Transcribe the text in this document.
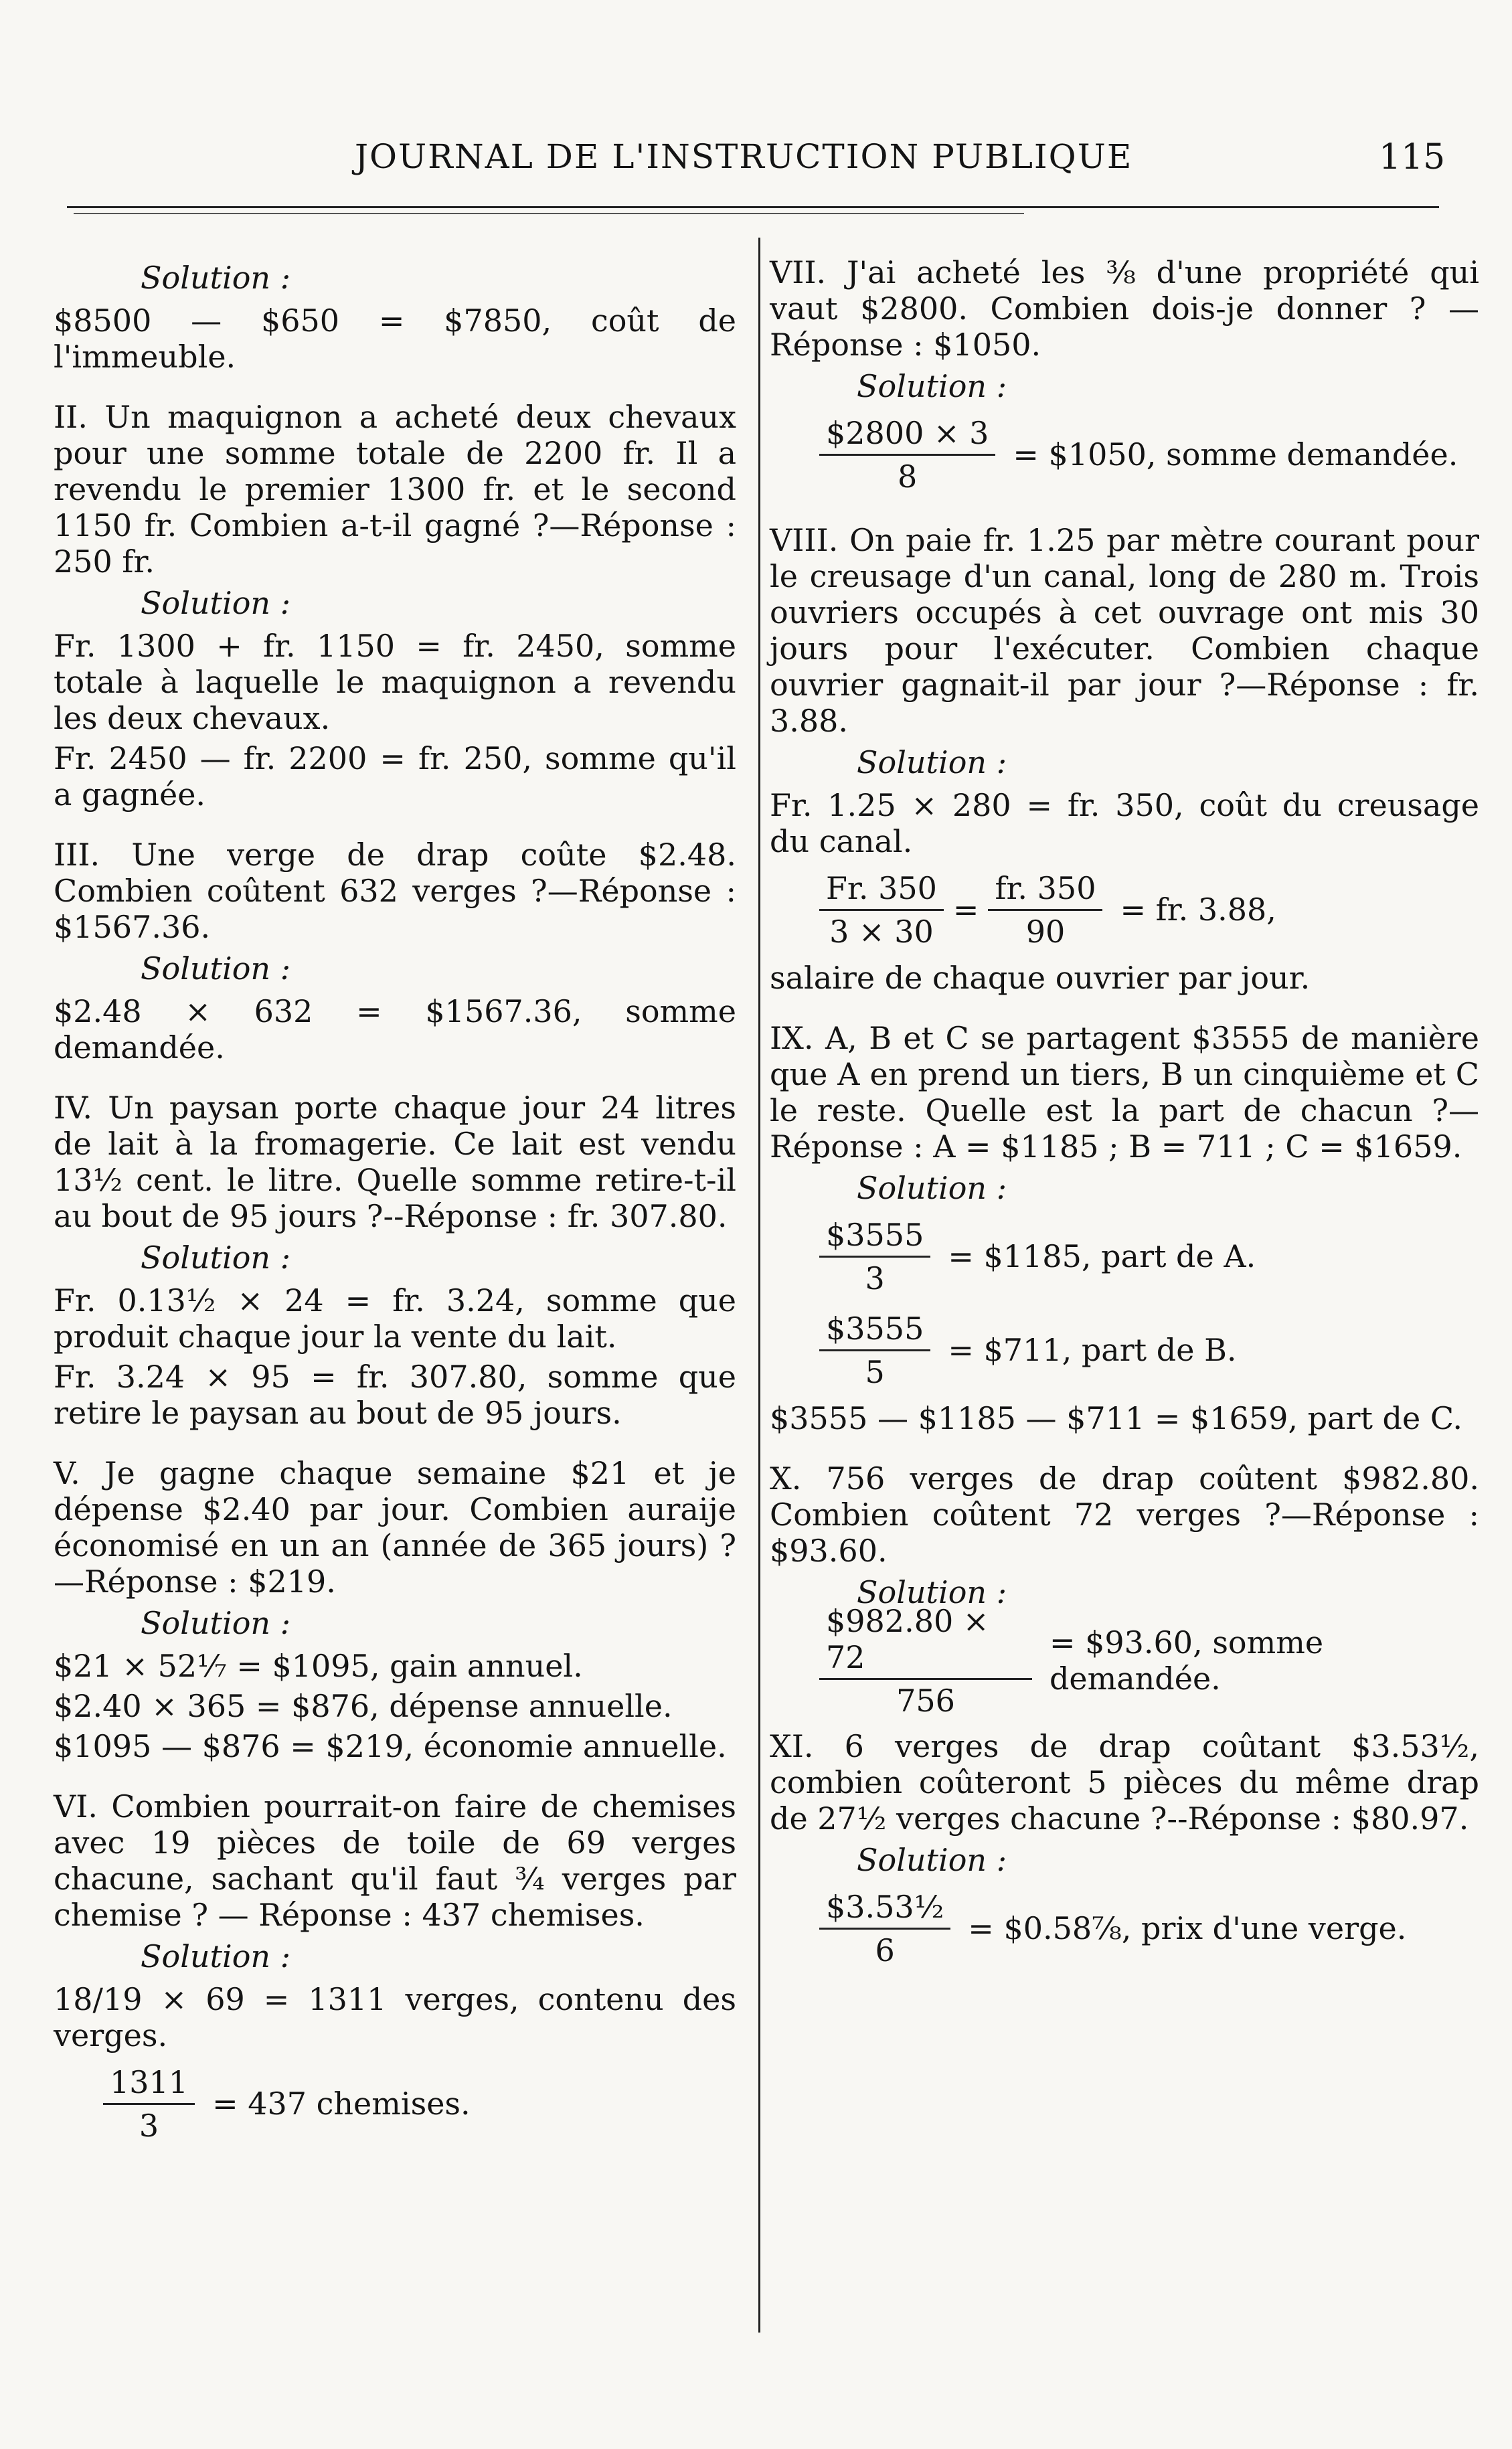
JOURNAL DE L'INSTRUCTION PUBLIQUE	115
Solution :

$8500 — $650 = $7850, coût de l'immeuble.

II. Un maquignon a acheté deux chevaux pour une somme totale de 2200 fr. Il a revendu le premier 1300 fr. et le second 1150 fr. Combien a-t-il gagné ?—Réponse : 250 fr.

Solution :

Fr. 1300 + fr. 1150 = fr. 2450, somme totale à laquelle le maquignon a revendu les deux chevaux.

Fr. 2450 — fr. 2200 = fr. 250, somme qu'il a gagnée.

III. Une verge de drap coûte $2.48. Combien coûtent 632 verges ?—Réponse : $1567.36.

Solution :

$2.48 × 632 = $1567.36, somme demandée.

IV. Un paysan porte chaque jour 24 litres de lait à la fromagerie. Ce lait est vendu 13½ cent. le litre. Quelle somme retire-t-il au bout de 95 jours ?--Réponse : fr. 307.80.

Solution :

Fr. 0.13½ × 24 = fr. 3.24, somme que produit chaque jour la vente du lait.

Fr. 3.24 × 95 = fr. 307.80, somme que retire le paysan au bout de 95 jours.

V. Je gagne chaque semaine $21 et je dépense $2.40 par jour. Combien auraije économisé en un an (année de 365 jours) ?—Réponse : $219.

Solution :

$21 × 52⅐ = $1095, gain annuel.

$2.40 × 365 = $876, dépense annuelle.

$1095 — $876 = $219, économie annuelle.

VI. Combien pourrait-on faire de chemises avec 19 pièces de toile de 69 verges chacune, sachant qu'il faut ¾ verges par chemise ? — Réponse : 437 chemises.

Solution :

18/19 × 69 = 1311 verges, contenu des verges.

$\frac{1311}{3} = 437$ chemises.

VII. J'ai acheté les ⅜ d'une propriété qui vaut $2800. Combien dois-je donner ? —Réponse : $1050.

Solution :
$\frac{\$2800 \times 3}{8}$ = $1050, somme demandée.

VIII. On paie fr. 1.25 par mètre courant pour le creusage d'un canal, long de 280 m. Trois ouvriers occupés à cet ouvrage ont mis 30 jours pour l'exécuter. Combien chaque ouvrier gagnait-il par jour ?—Réponse : fr. 3.88.

Solution :

Fr. 1.25 × 280 = fr. 350, coût du creusage du canal.

$\frac{Fr. 350}{3 \times 30} = \frac{fr. 350}{90}$ = fr. 3.88,

salaire de chaque ouvrier par jour.

IX. A, B et C se partagent $3555 de manière que A en prend un tiers, B un cinquième et C le reste. Quelle est la part de chacun ?—Réponse : A = $1185 ; B = 711 ; C = $1659.

Solution :
$\frac{\$3555}{3}$ = $1185, part de A.
$\frac{\$3555}{5}$ = $711, part de B.

$3555 — $1185 — $711 = $1659, part de C.

X. 756 verges de drap coûtent $982.80. Combien coûtent 72 verges ?—Réponse : $93.60.

Solution :
$\frac{\$982.80 \times 72}{756}$ = $93.60, somme demandée.

XI. 6 verges de drap coûtant $3.53½, combien coûteront 5 pièces du même drap de 27½ verges chacune ?--Réponse : $80.97.

Solution :
$\frac{\text{\$3.53½}}{6}$ = $0.58⅞, prix d'une verge.
